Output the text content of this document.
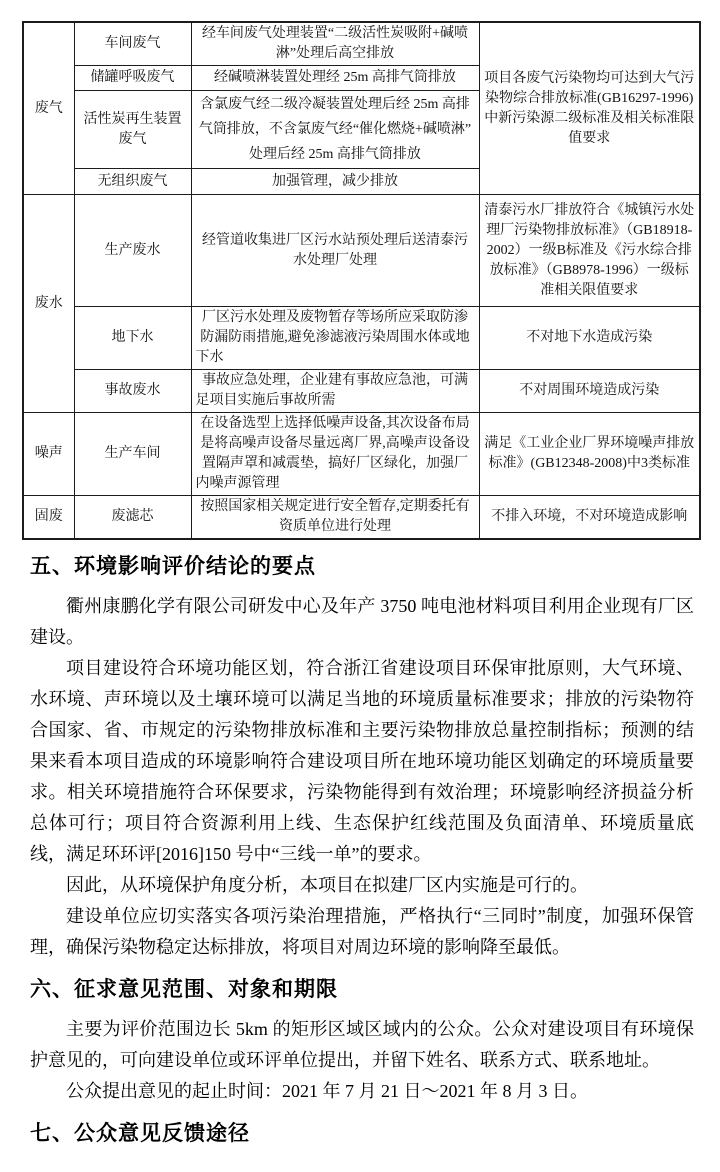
废气	车间废气	经车间废气处理装置“二级活性炭吸附+碱喷淋”处理后高空排放	项目各废气污染物均可达到大气污染物综合排放标准(GB16297-1996)中新污染源二级标准及相关标准限值要求
	储罐呼吸废气	经碱喷淋装置处理经 25m 高排气筒排放	
	活性炭再生装置废气	含氯废气经二级冷凝装置处理后经 25m 高排气筒排放，不含氯废气经“催化燃烧+碱喷淋”处理后经 25m 高排气筒排放	
	无组织废气	加强管理，减少排放	
废水	生产废水	经管道收集进厂区污水站预处理后送清泰污水处理厂处理	清泰污水厂排放符合《城镇污水处理厂污染物排放标准》（GB18918-2002）一级B标准及《污水综合排放标准》（GB8978-1996）一级标准相关限值要求
	地下水	厂区污水处理及废物暂存等场所应采取防渗防漏防雨措施,避免渗滤液污染周围水体或地下水	不对地下水造成污染
	事故废水	事故应急处理，企业建有事故应急池，可满足项目实施后事故所需	不对周围环境造成污染
噪声	生产车间	在设备选型上选择低噪声设备,其次设备布局是将高噪声设备尽量远离厂界,高噪声设备设置隔声罩和减震垫，搞好厂区绿化，加强厂内噪声源管理	满足《工业企业厂界环境噪声排放标准》(GB12348-2008)中3类标准
固废	废滤芯	按照国家相关规定进行安全暂存,定期委托有资质单位进行处理	不排入环境，不对环境造成影响
五、环境影响评价结论的要点

衢州康鹏化学有限公司研发中心及年产 3750 吨电池材料项目利用企业现有厂区建设。

项目建设符合环境功能区划，符合浙江省建设项目环保审批原则，大气环境、水环境、声环境以及土壤环境可以满足当地的环境质量标准要求；排放的污染物符合国家、省、市规定的污染物排放标准和主要污染物排放总量控制指标；预测的结果来看本项目造成的环境影响符合建设项目所在地环境功能区划确定的环境质量要求。相关环境措施符合环保要求，污染物能得到有效治理；环境影响经济损益分析总体可行；项目符合资源利用上线、生态保护红线范围及负面清单、环境质量底线，满足环环评[2016]150 号中“三线一单”的要求。

因此，从环境保护角度分析，本项目在拟建厂区内实施是可行的。

建设单位应切实落实各项污染治理措施，严格执行“三同时”制度，加强环保管理，确保污染物稳定达标排放，将项目对周边环境的影响降至最低。

六、征求意见范围、对象和期限

主要为评价范围边长 5km 的矩形区域区域内的公众。公众对建设项目有环境保护意见的，可向建设单位或环评单位提出，并留下姓名、联系方式、联系地址。

公众提出意见的起止时间：2021 年 7 月 21 日～2021 年 8 月 3 日。

七、公众意见反馈途径
